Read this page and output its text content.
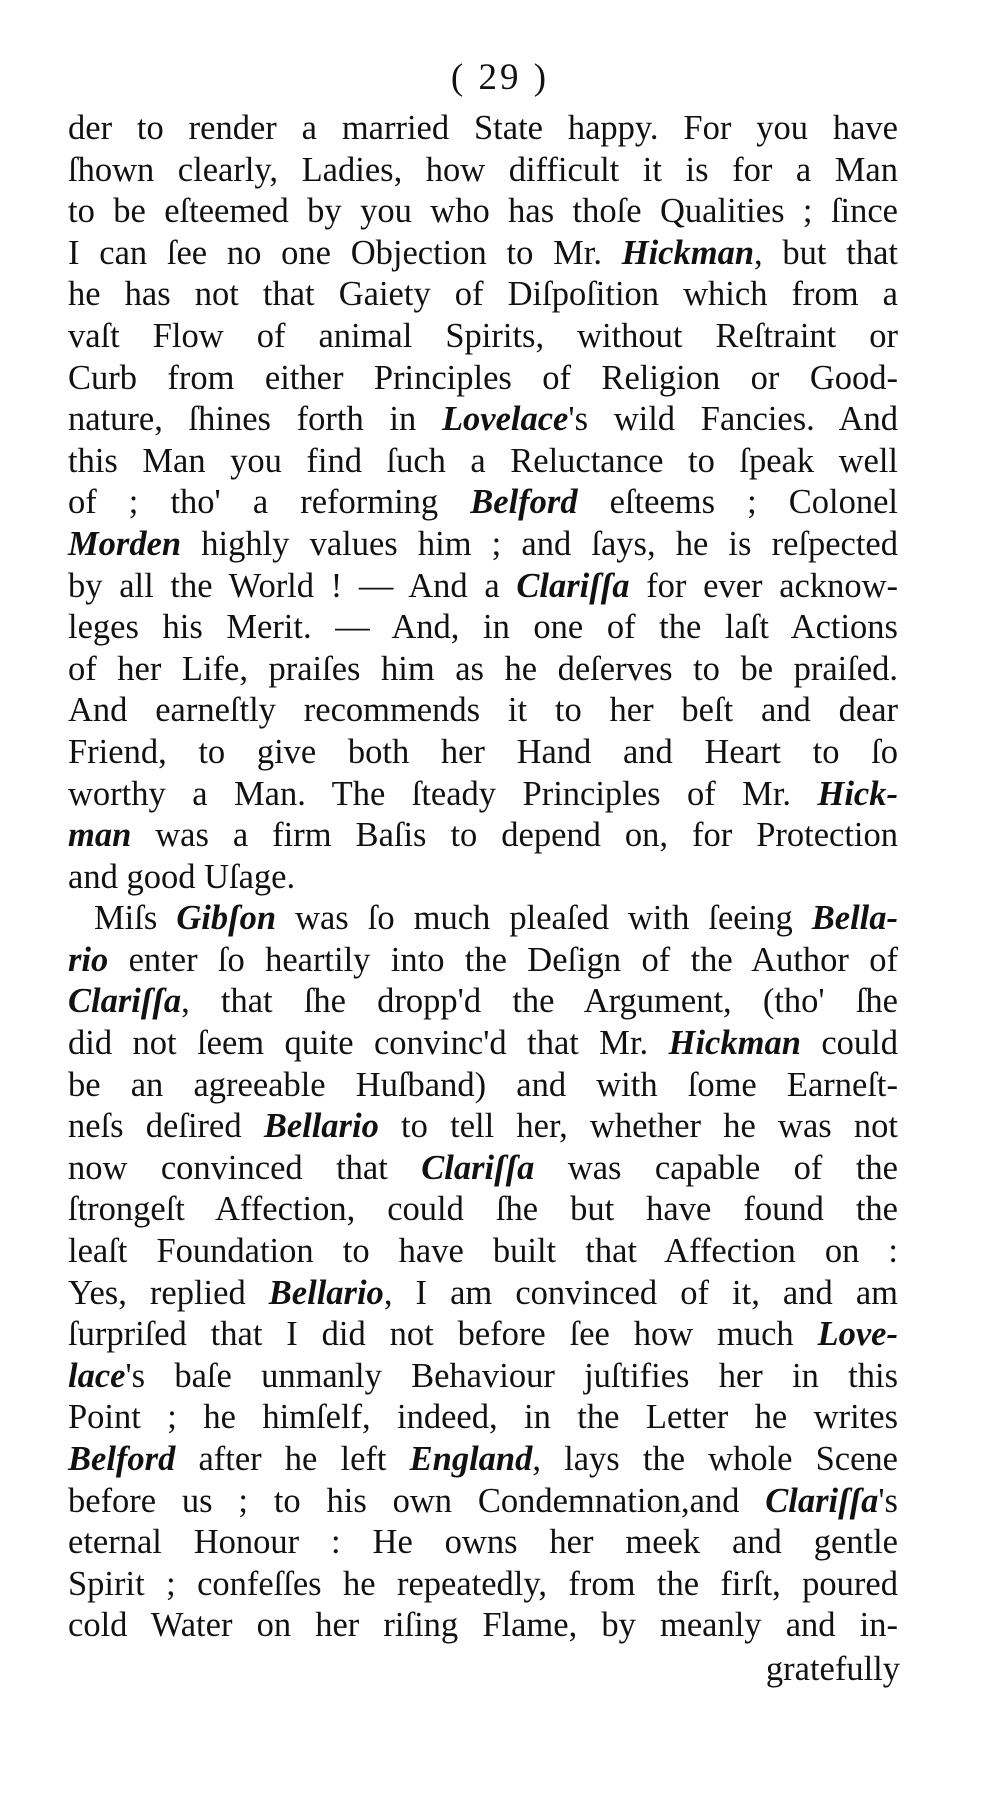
( 29 )
der to render a married State happy. For you have
ſhown clearly, Ladies, how difficult it is for a Man
to be eſteemed by you who has thoſe Qualities ; ſince
I can ſee no one Objection to Mr. Hickman, but that
he has not that Gaiety of Diſpoſition which from a
vaſt Flow of animal Spirits, without Reſtraint or
Curb from either Principles of Religion or Good-
nature, ſhines forth in Lovelace's wild Fancies. And
this Man you find ſuch a Reluctance to ſpeak well
of ; tho' a reforming Belford eſteems ; Colonel
Morden highly values him ; and ſays, he is reſpected
by all the World ! — And a Clariſſa for ever acknow-
leges his Merit. — And, in one of the laſt Actions
of her Life, praiſes him as he deſerves to be praiſed.
And earneſtly recommends it to her beſt and dear
Friend, to give both her Hand and Heart to ſo
worthy a Man. The ſteady Principles of Mr. Hick-
man was a firm Baſis to depend on, for Protection
and good Uſage.
Miſs Gibſon was ſo much pleaſed with ſeeing Bella-
rio enter ſo heartily into the Deſign of the Author of
Clariſſa, that ſhe dropp'd the Argument, (tho' ſhe
did not ſeem quite convinc'd that Mr. Hickman could
be an agreeable Huſband) and with ſome Earneſt-
neſs deſired Bellario to tell her, whether he was not
now convinced that Clariſſa was capable of the
ſtrongeſt Affection, could ſhe but have found the
leaſt Foundation to have built that Affection on :
Yes, replied Bellario, I am convinced of it, and am
ſurpriſed that I did not before ſee how much Love-
lace's baſe unmanly Behaviour juſtifies her in this
Point ; he himſelf, indeed, in the Letter he writes
Belford after he left England, lays the whole Scene
before us ; to his own Condemnation,and Clariſſa's
eternal Honour : He owns her meek and gentle
Spirit ; confeſſes he repeatedly, from the firſt, poured
cold Water on her riſing Flame, by meanly and in-
gratefully
